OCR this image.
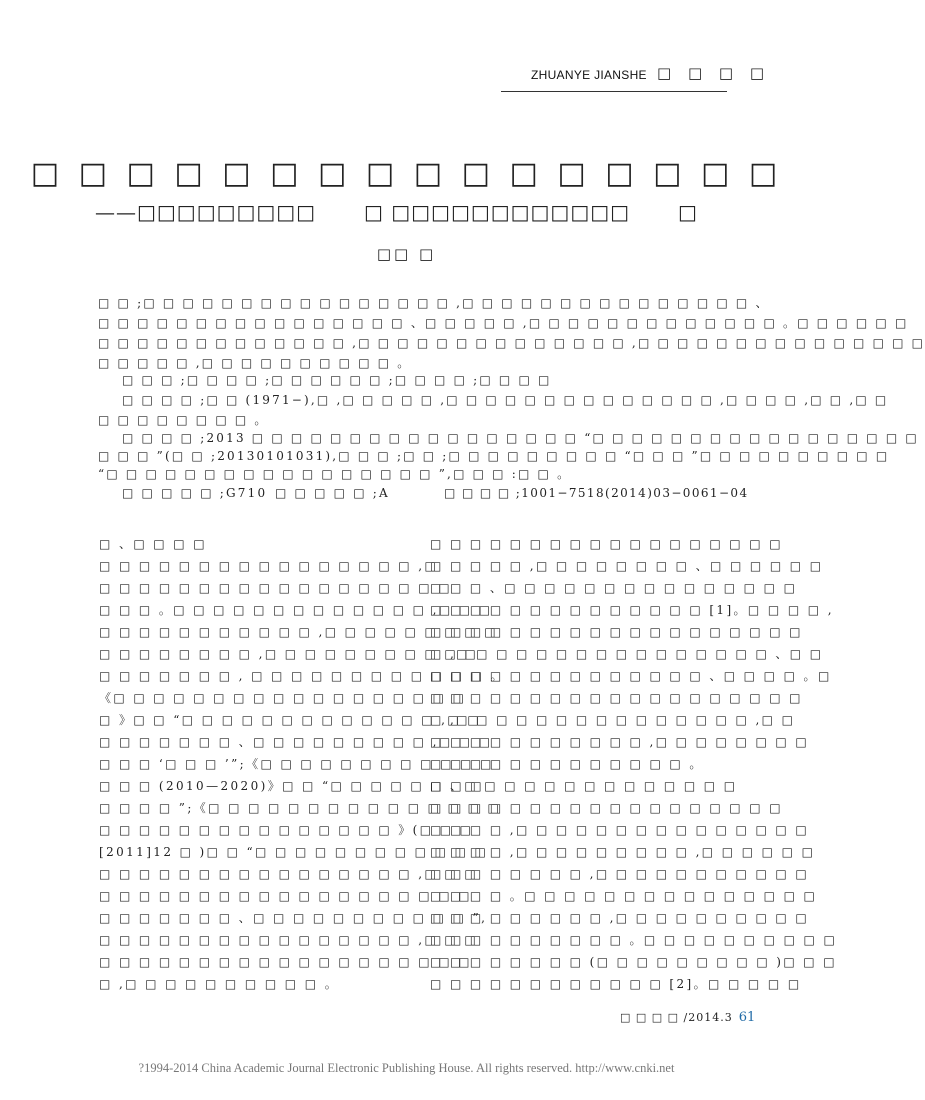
ZHUANYE JIANSHE □ □ □ □
□ □ □ □ □ □ □ □ □ □ □ □ □ □ □ □
——□□□□□□□□□ □ □□□□□□□□□□□□ □
□□ □
□ □ ;□ □ □ □ □ □ □ □ □ □ □ □ □ □ □ □ ,□ □ □ □ □ □ □ □ □ □ □ □ □ □ □ 、
□ □ □ □ □ □ □ □ □ □ □ □ □ □ □ □ 、□ □ □ □ □ ,□ □ □ □ □ □ □ □ □ □ □ □ □ 。□ □ □ □ □ □
□ □ □ □ □ □ □ □ □ □ □ □ □ ,□ □ □ □ □ □ □ □ □ □ □ □ □ □ ,□ □ □ □ □ □ □ □ □ □ □ □ □ □ □
□ □ □ □ □ ,□ □ □ □ □ □ □ □ □ □ 。
□ □ □ ;□ □ □ □ ;□ □ □ □ □ □ ;□ □ □ □ ;□ □ □ □
□ □ □ □ ;□ □ (1971−),□ ,□ □ □ □ □ ,□ □ □ □ □ □ □ □ □ □ □ □ □ □ ,□ □ □ □ ,□ □ ,□ □
□ □ □ □ □ □ □ □ 。
□ □ □ □ ;2013 □ □ □ □ □ □ □ □ □ □ □ □ □ □ □ □ □ “□ □ □ □ □ □ □ □ □ □ □ □ □ □ □ □ □
□ □ □ ”(□ □ ;20130101031),□ □ □ ;□ □ ;□ □ □ □ □ □ □ □ □ “□ □ □ ”□ □ □ □ □ □ □ □ □ □
“□ □ □ □ □ □ □ □ □ □ □ □ □ □ □ □ □ ”,□ □ □ :□ □ 。
□ □ □ □ □ ;G710 □ □ □ □ □ ;A	□ □ □ □ ;1001−7518(2014)03−0061−04
□ 、□ □ □ □
□ □ □ □ □ □ □ □ □ □ □ □ □ □ □ □ ,□
□ □ □ □ □ □ □ □ □ □ □ □ □ □ □ □ □ □
□ □ □ 。□ □ □ □ □ □ □ □ □ □ □ □ □ ,□ □ □
□ □ □ □ □ □ □ □ □ □ □ ,□ □ □ □ □ □ □ □ □
□ □ □ □ □ □ □ □ ,□ □ □ □ □ □ □ □ □ □ □
□ □ □ □ □ □ □ , □ □ □ □ □ □ □ □ □ □ □ □ 。
《□ □ □ □ □ □ □ □ □ □ □ □ □ □ □ □ □ □
□ 》□ □ “□ □ □ □ □ □ □ □ □ □ □ □ □ ,□ □
□ □ □ □ □ □ □ 、□ □ □ □ □ □ □ □ □ ,□ □ □
□ □ □ ‘□ □ □ ’”;《□ □ □ □ □ □ □ □ □ □ □ □
□ □ □ (2010—2020)》□ □ “□ □ □ □ □ □ □ □
□ □ □ □ ”;《□ □ □ □ □ □ □ □ □ □ □ □ □ □ □
□ □ □ □ □ □ □ □ □ □ □ □ □ □ □ 》(□ □ □
[2011]12 □ )□ □ “□ □ □ □ □ □ □ □ □ □ □ □
□ □ □ □ □ □ □ □ □ □ □ □ □ □ □ □ ,□ □ □
□ □ □ □ □ □ □ □ □ □ □ □ □ □ □ □ □ □ □
□ □ □ □ □ □ □ 、□ □ □ □ □ □ □ □ □ □ □ ”,
□ □ □ □ □ □ □ □ □ □ □ □ □ □ □ □ ,□ □ □
□ □ □ □ □ □ □ □ □ □ □ □ □ □ □ □ □ □ □
□ ,□ □ □ □ □ □ □ □ □ □ 。
□ □ □ □ □ □ □ □ □ □ □ □ □ □ □ □ □ □
□ □ □ □ □ ,□ □ □ □ □ □ □ □ 、□ □ □ □ □ □
□ □ □ 、□ □ □ □ □ □ □ □ □ □ □ □ □ □ □
□ □ □ □ □ □ □ □ □ □ □ □ □ □ [1]。□ □ □ □ ,
□ □ □ □ □ □ □ □ □ □ □ □ □ □ □ □ □ □ □
□ ,□ □ □ □ □ □ □ □ □ □ □ □ □ □ □ □ 、□ □
□ □ □ □ □ □ □ □ □ □ □ □ □ □ 、□ □ □ □ 。□
□ □ □ □ □ □ □ □ □ □ □ □ □ □ □ □ □ □ □
□ ,□ □ □ □ □ □ □ □ □ □ □ □ □ □ □ ,□ □
□ □ □ □ □ □ □ □ □ □ □ ,□ □ □ □ □ □ □ □
□ □ □ □ □ □ □ □ □ □ □ □ □ 。
□ 、□ □ □ □ □ □ □ □ □ □ □ □ □ □
□ □ □ □ □ □ □ □ □ □ □ □ □ □ □ □ □ □
□ □ □ □ ,□ □ □ □ □ □ □ □ □ □ □ □ □ □ □
□ □ □ □ ,□ □ □ □ □ □ □ □ □ ,□ □ □ □ □ □
□ □ □ □ □ □ □ □ ,□ □ □ □ □ □ □ □ □ □ □
□ □ □ □ 。□ □ □ □ □ □ □ □ □ □ □ □ □ □ □
□ □ □ □ □ □ □ □ □ ,□ □ □ □ □ □ □ □ □ □
□ □ □ □ □ □ □ □ □ □ 。□ □ □ □ □ □ □ □ □ □
□ □ □ □ □ □ □ □ (□ □ □ □ □ □ □ □ □ )□ □ □
□ □ □ □ □ □ □ □ □ □ □ □ [2]。□ □ □ □ □
□ □ □ □ /2014.3 61
?1994-2014 China Academic Journal Electronic Publishing House. All rights reserved. http://www.cnki.net
